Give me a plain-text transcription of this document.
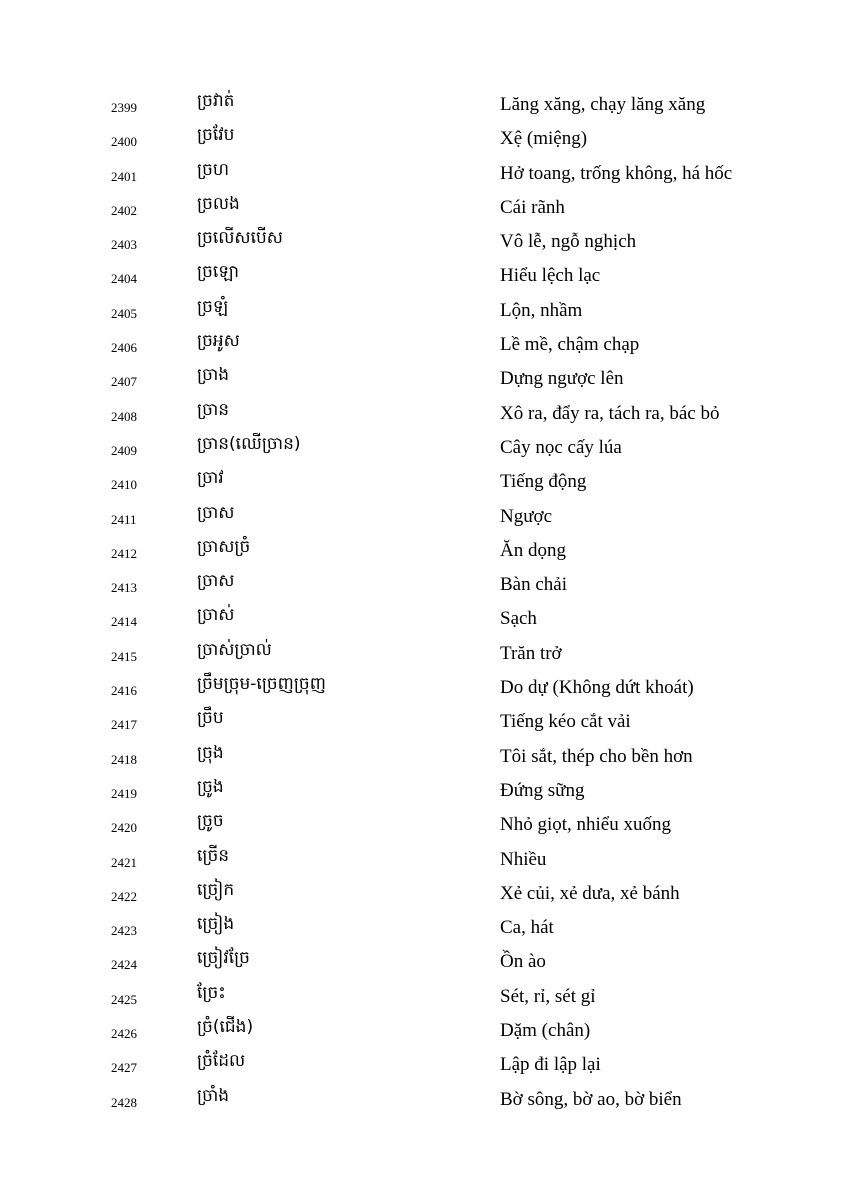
2399	ច្រវាត់	Lăng xăng, chạy lăng xăng
2400	ច្រវែប	Xệ (miệng)
2401	ច្រហ	Hở toang, trống không, há hốc
2402	ច្រលង	Cái rãnh
2403	ច្រលើសបើស	Vô lễ, ngỗ nghịch
2404	ច្រឡោ	Hiểu lệch lạc
2405	ច្រឡំ	Lộn, nhầm
2406	ច្រអូស	Lề mề, chậm chạp
2407	ច្រាង	Dựng ngược lên
2408	ច្រាន	Xô ra, đẩy ra, tách ra, bác bỏ
2409	ច្រាន(ឈើច្រាន)	Cây nọc cấy lúa
2410	ច្រាវ	Tiếng động
2411	ច្រាស	Ngược
2412	ច្រាសច្រំ	Ăn dọng
2413	ច្រាស	Bàn chải
2414	ច្រាស់	Sạch
2415	ច្រាស់ច្រាល់	Trăn trở
2416	ច្រឹមច្រុម-ច្រេញច្រុញ	Do dự (Không dứt khoát)
2417	ច្រឹប	Tiếng kéo cắt vải
2418	ច្រុង	Tôi sắt, thép cho bền hơn
2419	ច្រូង	Đứng sững
2420	ច្រូច	Nhỏ giọt, nhiểu xuống
2421	ច្រើន	Nhiều
2422	ច្រៀក	Xẻ củi, xẻ dưa, xẻ bánh
2423	ច្រៀង	Ca, hát
2424	ច្រៀវច្រែ	Ồn ào
2425	ច្រែះ	Sét, rỉ, sét gỉ
2426	ច្រំ(ជើង)	Dặm (chân)
2427	ច្រំដែល	Lập đi lập lại
2428	ច្រាំង	Bờ sông, bờ ao, bờ biển
